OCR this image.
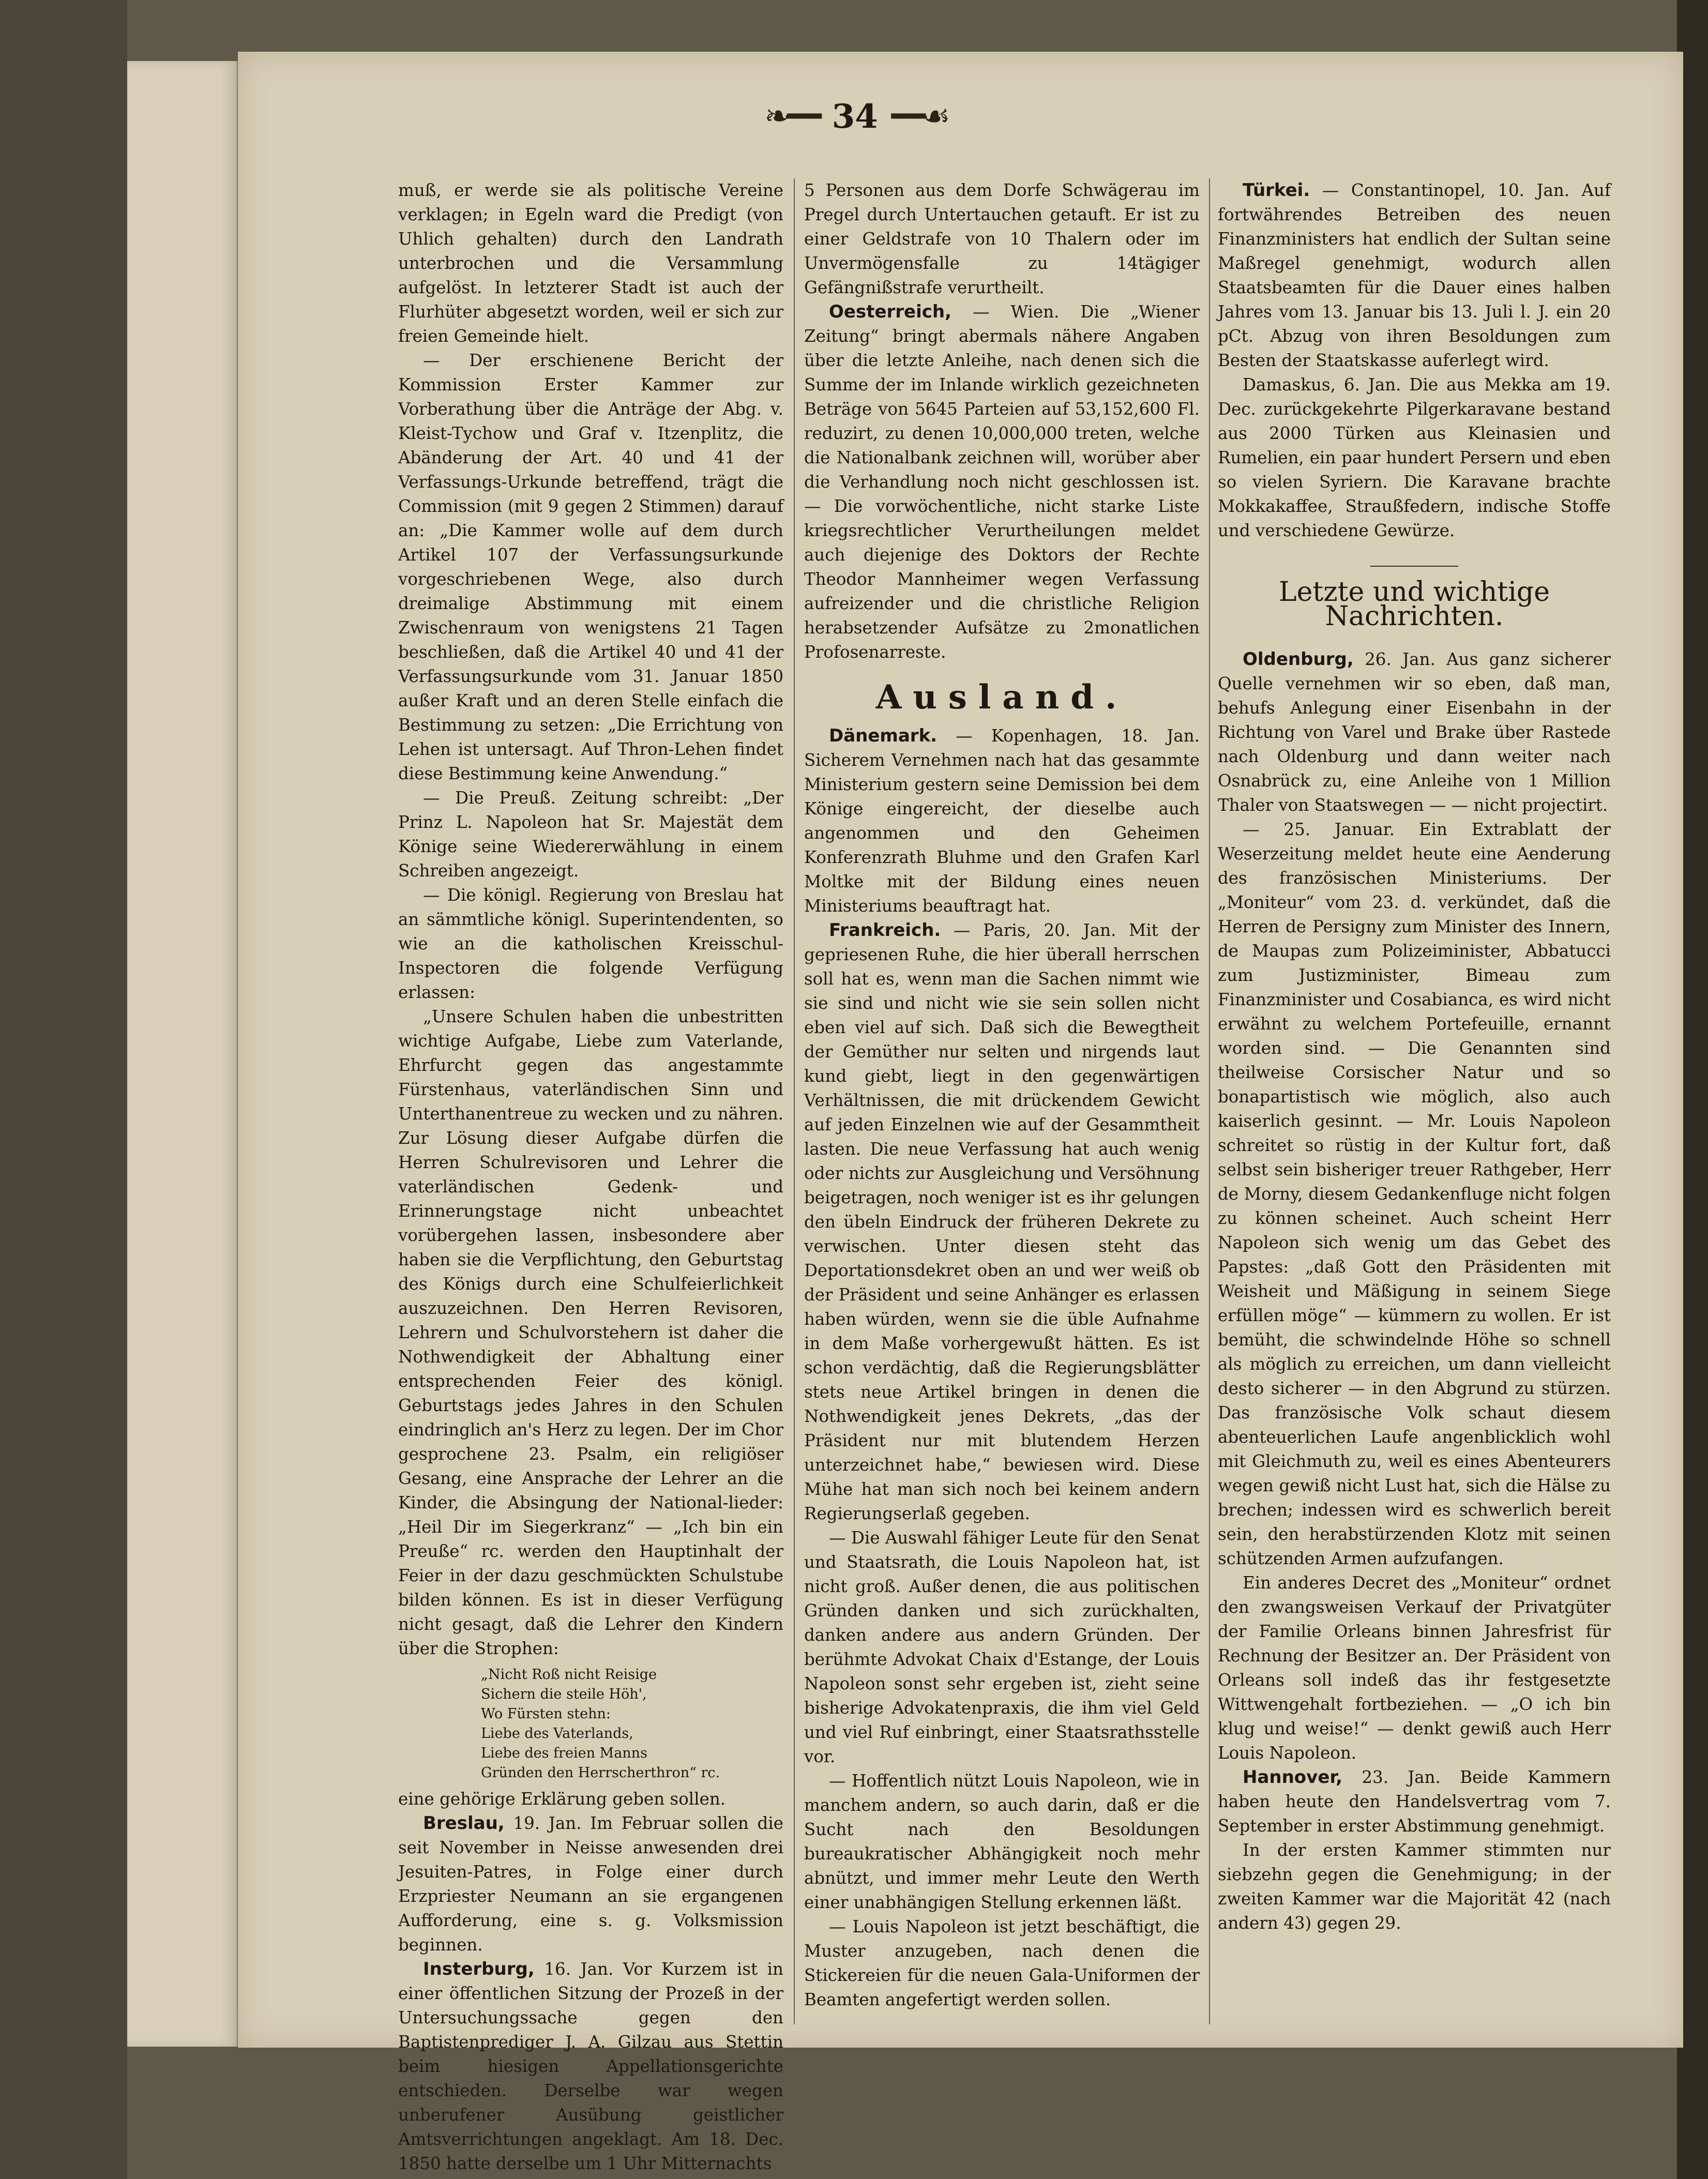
❧━━ 34 ━━☙

muß, er werde sie als politische Vereine verklagen; in Egeln ward die Predigt (von Uhlich gehalten) durch den Landrath unterbrochen und die Versammlung aufgelöst. In letzterer Stadt ist auch der Flurhüter abgesetzt worden, weil er sich zur freien Gemeinde hielt.

— Der erschienene Bericht der Kommission Erster Kammer zur Vorberathung über die Anträge der Abg. v. Kleist-Tychow und Graf v. Itzenplitz, die Abänderung der Art. 40 und 41 der Verfassungs-Urkunde betreffend, trägt die Commission (mit 9 gegen 2 Stimmen) darauf an: „Die Kammer wolle auf dem durch Artikel 107 der Verfassungsurkunde vorgeschriebenen Wege, also durch dreimalige Abstimmung mit einem Zwischenraum von wenigstens 21 Tagen beschließen, daß die Artikel 40 und 41 der Verfassungsurkunde vom 31. Januar 1850 außer Kraft und an deren Stelle einfach die Bestimmung zu setzen: „Die Errichtung von Lehen ist untersagt. Auf Thron-Lehen findet diese Bestimmung keine Anwendung.“

— Die Preuß. Zeitung schreibt: „Der Prinz L. Napoleon hat Sr. Majestät dem Könige seine Wiedererwählung in einem Schreiben angezeigt.

— Die königl. Regierung von Breslau hat an sämmtliche königl. Superintendenten, so wie an die katholischen Kreisschul-Inspectoren die folgende Verfügung erlassen:

„Unsere Schulen haben die unbestritten wichtige Aufgabe, Liebe zum Vaterlande, Ehrfurcht gegen das angestammte Fürstenhaus, vaterländischen Sinn und Unterthanentreue zu wecken und zu nähren. Zur Lösung dieser Aufgabe dürfen die Herren Schulrevisoren und Lehrer die vaterländischen Gedenk- und Erinnerungstage nicht unbeachtet vorübergehen lassen, insbesondere aber haben sie die Verpflichtung, den Geburtstag des Königs durch eine Schulfeierlichkeit auszuzeichnen. Den Herren Revisoren, Lehrern und Schulvorstehern ist daher die Nothwendigkeit der Abhaltung einer entsprechenden Feier des königl. Geburtstags jedes Jahres in den Schulen eindringlich an's Herz zu legen. Der im Chor gesprochene 23. Psalm, ein religiöser Gesang, eine Ansprache der Lehrer an die Kinder, die Absingung der National-lieder: „Heil Dir im Siegerkranz“ — „Ich bin ein Preuße“ rc. werden den Hauptinhalt der Feier in der dazu geschmückten Schulstube bilden können. Es ist in dieser Verfügung nicht gesagt, daß die Lehrer den Kindern über die Strophen:

„Nicht Roß nicht Reisige
Sichern die steile Höh',
Wo Fürsten stehn:
Liebe des Vaterlands,
Liebe des freien Manns
Gründen den Herrscherthron“ rc.

eine gehörige Erklärung geben sollen.

Breslau, 19. Jan. Im Februar sollen die seit November in Neisse anwesenden drei Jesuiten-Patres, in Folge einer durch Erzpriester Neumann an sie ergangenen Aufforderung, eine s. g. Volksmission beginnen.

Insterburg, 16. Jan. Vor Kurzem ist in einer öffentlichen Sitzung der Prozeß in der Untersuchungssache gegen den Baptistenprediger J. A. Gilzau aus Stettin beim hiesigen Appellationsgerichte entschieden. Derselbe war wegen unberufener Ausübung geistlicher Amtsverrichtungen angeklagt. Am 18. Dec. 1850 hatte derselbe um 1 Uhr Mitternachts

5 Personen aus dem Dorfe Schwägerau im Pregel durch Untertauchen getauft. Er ist zu einer Geldstrafe von 10 Thalern oder im Unvermögensfalle zu 14tägiger Gefängnißstrafe verurtheilt.

Oesterreich, — Wien. Die „Wiener Zeitung“ bringt abermals nähere Angaben über die letzte Anleihe, nach denen sich die Summe der im Inlande wirklich gezeichneten Beträge von 5645 Parteien auf 53,152,600 Fl. reduzirt, zu denen 10,000,000 treten, welche die Nationalbank zeichnen will, worüber aber die Verhandlung noch nicht geschlossen ist. — Die vorwöchentliche, nicht starke Liste kriegsrechtlicher Verurtheilungen meldet auch diejenige des Doktors der Rechte Theodor Mannheimer wegen Verfassung aufreizender und die christliche Religion herabsetzender Aufsätze zu 2monatlichen Profosenarreste.

Ausland.

Dänemark. — Kopenhagen, 18. Jan. Sicherem Vernehmen nach hat das gesammte Ministerium gestern seine Demission bei dem Könige eingereicht, der dieselbe auch angenommen und den Geheimen Konferenzrath Bluhme und den Grafen Karl Moltke mit der Bildung eines neuen Ministeriums beauftragt hat.

Frankreich. — Paris, 20. Jan. Mit der gepriesenen Ruhe, die hier überall herrschen soll hat es, wenn man die Sachen nimmt wie sie sind und nicht wie sie sein sollen nicht eben viel auf sich. Daß sich die Bewegtheit der Gemüther nur selten und nirgends laut kund giebt, liegt in den gegenwärtigen Verhältnissen, die mit drückendem Gewicht auf jeden Einzelnen wie auf der Gesammtheit lasten. Die neue Verfassung hat auch wenig oder nichts zur Ausgleichung und Versöhnung beigetragen, noch weniger ist es ihr gelungen den übeln Eindruck der früheren Dekrete zu verwischen. Unter diesen steht das Deportationsdekret oben an und wer weiß ob der Präsident und seine Anhänger es erlassen haben würden, wenn sie die üble Aufnahme in dem Maße vorhergewußt hätten. Es ist schon verdächtig, daß die Regierungsblätter stets neue Artikel bringen in denen die Nothwendigkeit jenes Dekrets, „das der Präsident nur mit blutendem Herzen unterzeichnet habe,“ bewiesen wird. Diese Mühe hat man sich noch bei keinem andern Regierungserlaß gegeben.

— Die Auswahl fähiger Leute für den Senat und Staatsrath, die Louis Napoleon hat, ist nicht groß. Außer denen, die aus politischen Gründen danken und sich zurückhalten, danken andere aus andern Gründen. Der berühmte Advokat Chaix d'Estange, der Louis Napoleon sonst sehr ergeben ist, zieht seine bisherige Advokatenpraxis, die ihm viel Geld und viel Ruf einbringt, einer Staatsrathsstelle vor.

— Hoffentlich nützt Louis Napoleon, wie in manchem andern, so auch darin, daß er die Sucht nach den Besoldungen bureaukratischer Abhängigkeit noch mehr abnützt, und immer mehr Leute den Werth einer unabhängigen Stellung erkennen läßt.

— Louis Napoleon ist jetzt beschäftigt, die Muster anzugeben, nach denen die Stickereien für die neuen Gala-Uniformen der Beamten angefertigt werden sollen.

Türkei. — Constantinopel, 10. Jan. Auf fortwährendes Betreiben des neuen Finanzministers hat endlich der Sultan seine Maßregel genehmigt, wodurch allen Staatsbeamten für die Dauer eines halben Jahres vom 13. Januar bis 13. Juli l. J. ein 20 pCt. Abzug von ihren Besoldungen zum Besten der Staatskasse auferlegt wird.

Damaskus, 6. Jan. Die aus Mekka am 19. Dec. zurückgekehrte Pilgerkaravane bestand aus 2000 Türken aus Kleinasien und Rumelien, ein paar hundert Persern und eben so vielen Syriern. Die Karavane brachte Mokkakaffee, Straußfedern, indische Stoffe und verschiedene Gewürze.

Letzte und wichtige Nachrichten.

Oldenburg, 26. Jan. Aus ganz sicherer Quelle vernehmen wir so eben, daß man, behufs Anlegung einer Eisenbahn in der Richtung von Varel und Brake über Rastede nach Oldenburg und dann weiter nach Osnabrück zu, eine Anleihe von 1 Million Thaler von Staatswegen — — nicht projectirt.

— 25. Januar. Ein Extrablatt der Weserzeitung meldet heute eine Aenderung des französischen Ministeriums. Der „Moniteur“ vom 23. d. verkündet, daß die Herren de Persigny zum Minister des Innern, de Maupas zum Polizeiminister, Abbatucci zum Justizminister, Bimeau zum Finanzminister und Cosabianca, es wird nicht erwähnt zu welchem Portefeuille, ernannt worden sind. — Die Genannten sind theilweise Corsischer Natur und so bonapartistisch wie möglich, also auch kaiserlich gesinnt. — Mr. Louis Napoleon schreitet so rüstig in der Kultur fort, daß selbst sein bisheriger treuer Rathgeber, Herr de Morny, diesem Gedankenfluge nicht folgen zu können scheinet. Auch scheint Herr Napoleon sich wenig um das Gebet des Papstes: „daß Gott den Präsidenten mit Weisheit und Mäßigung in seinem Siege erfüllen möge“ — kümmern zu wollen. Er ist bemüht, die schwindelnde Höhe so schnell als möglich zu erreichen, um dann vielleicht desto sicherer — in den Abgrund zu stürzen. Das französische Volk schaut diesem abenteuerlichen Laufe angenblicklich wohl mit Gleichmuth zu, weil es eines Abenteurers wegen gewiß nicht Lust hat, sich die Hälse zu brechen; indessen wird es schwerlich bereit sein, den herabstürzenden Klotz mit seinen schützenden Armen aufzufangen.

Ein anderes Decret des „Moniteur“ ordnet den zwangsweisen Verkauf der Privatgüter der Familie Orleans binnen Jahresfrist für Rechnung der Besitzer an. Der Präsident von Orleans soll indeß das ihr festgesetzte Wittwengehalt fortbeziehen. — „O ich bin klug und weise!“ — denkt gewiß auch Herr Louis Napoleon.

Hannover, 23. Jan. Beide Kammern haben heute den Handelsvertrag vom 7. September in erster Abstimmung genehmigt.

In der ersten Kammer stimmten nur siebzehn gegen die Genehmigung; in der zweiten Kammer war die Majorität 42 (nach andern 43) gegen 29.
